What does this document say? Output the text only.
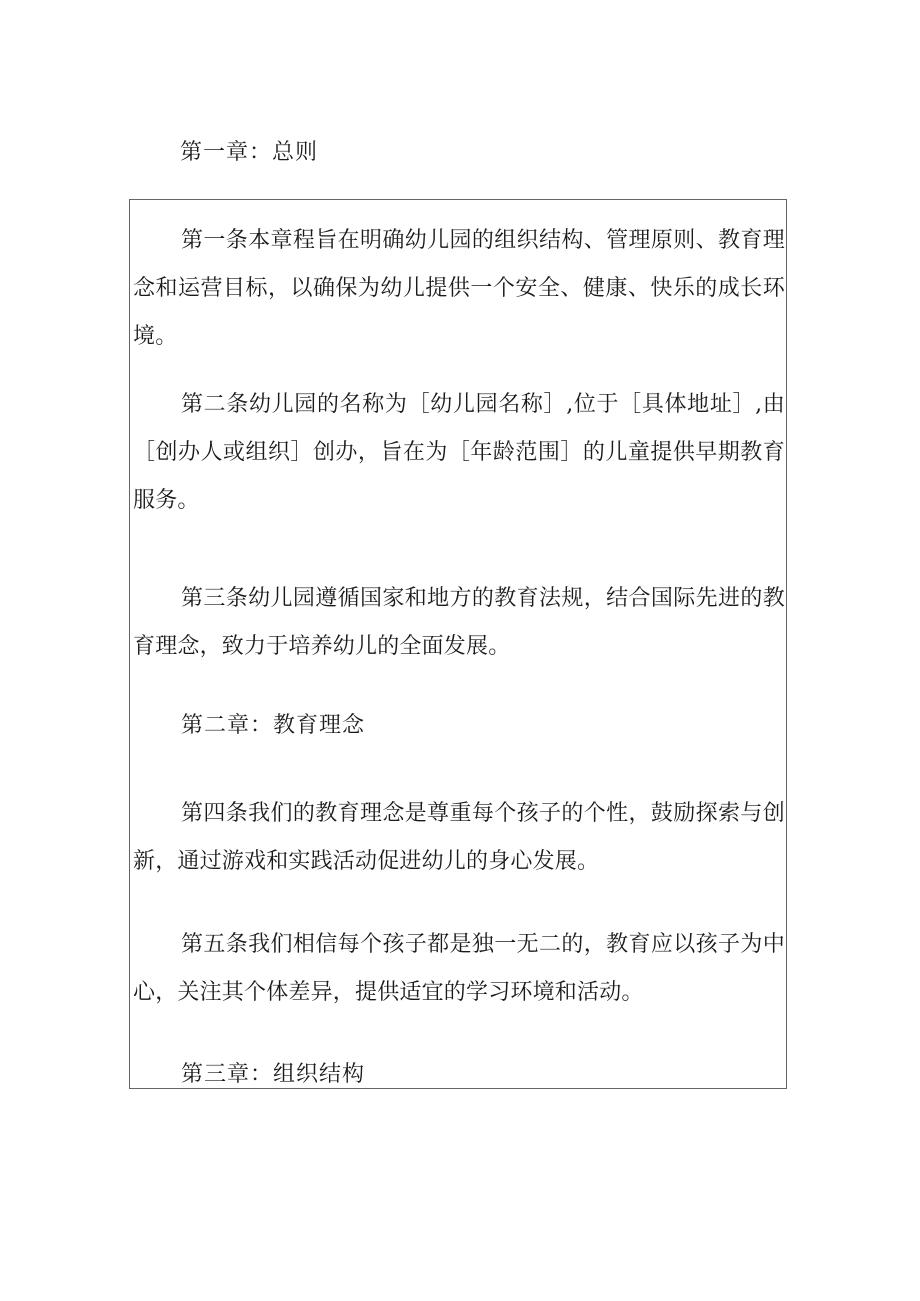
第一章：总则
第一条本章程旨在明确幼儿园的组织结构、管理原则、教育理念和运营目标，以确保为幼儿提供一个安全、健康、快乐的成长环境。
第二条幼儿园的名称为［幼儿园名称］,位于［具体地址］,由［创办人或组织］创办，旨在为［年龄范围］的儿童提供早期教育服务。
第三条幼儿园遵循国家和地方的教育法规，结合国际先进的教育理念，致力于培养幼儿的全面发展。
第二章：教育理念
第四条我们的教育理念是尊重每个孩子的个性，鼓励探索与创新，通过游戏和实践活动促进幼儿的身心发展。
第五条我们相信每个孩子都是独一无二的，教育应以孩子为中心，关注其个体差异，提供适宜的学习环境和活动。
第三章：组织结构
